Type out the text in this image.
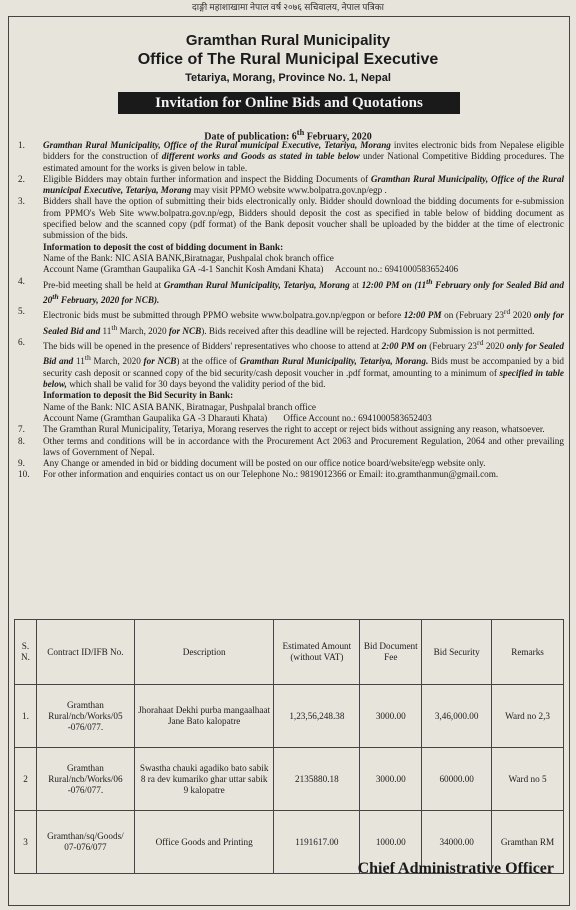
दाङ्गी महाशाखामा नेपाल वर्ष २०७६ सचिवालय, नेपाल पत्रिका
Gramthan Rural Municipality
Office of The Rural Municipal Executive
Tetariya, Morang, Province No. 1, Nepal
Invitation for Online Bids and Quotations
Date of publication: 6th February, 2020
1. Gramthan Rural Municipality, Office of the Rural municipal Executive, Tetariya, Morang invites electronic bids from Nepalese eligible bidders for the construction of different works and Goods as stated in table below under National Competitive Bidding procedures. The estimated amount for the works is given below in table.
2. Eligible Bidders may obtain further information and inspect the Bidding Documents of Gramthan Rural Municipality, Office of the Rural municipal Executive, Tetariya, Morang may visit PPMO website www.bolpatra.gov.np/egp .
3. Bidders shall have the option of submitting their bids electronically only. Bidder should download the bidding documents for e-submission from PPMO's Web Site www.bolpatra.gov.np/egp, Bidders should deposit the cost as specified in table below of bidding document as specified below and the scanned copy (pdf format) of the Bank deposit voucher shall be uploaded by the bidder at the time of electronic submission of the bids.
Information to deposit the cost of bidding document in Bank:
Name of the Bank: NIC ASIA BANK,Biratnagar, Pushpalal chok branch office
Account Name (Gramthan Gaupalika GA -4-1 Sanchit Kosh Amdani Khata) Account no.: 6941000583652406
4. Pre-bid meeting shall be held at Gramthan Rural Municipality, Tetariya, Morang at 12:00 PM on (11th February only for Sealed Bid and 20th February, 2020 for NCB).
5. Electronic bids must be submitted through PPMO website www.bolpatra.gov.np/egpon or before 12:00 PM on (February 23rd 2020 only for Sealed Bid and 11th March, 2020 for NCB). Bids received after this deadline will be rejected. Hardcopy Submission is not permitted.
6. The bids will be opened in the presence of Bidders' representatives who choose to attend at 2:00 PM on (February 23rd 2020 only for Sealed Bid and 11th March, 2020 for NCB) at the office of Gramthan Rural Municipality, Tetariya, Morang. Bids must be accompanied by a bid security cash deposit or scanned copy of the bid security/cash deposit voucher in .pdf format, amounting to a minimum of specified in table below, which shall be valid for 30 days beyond the validity period of the bid.
Information to deposit the Bid Security in Bank:
Name of the Bank: NIC ASIA BANK, Biratnagar, Pushpalal branch office
Account Name (Gramthan Gaupalika GA -3 Dharauti Khata) Office Account no.: 6941000583652403
7. The Gramthan Rural Municipality, Tetariya, Morang reserves the right to accept or reject bids without assigning any reason, whatsoever.
8. Other terms and conditions will be in accordance with the Procurement Act 2063 and Procurement Regulation, 2064 and other prevailing laws of Government of Nepal.
9. Any Change or amended in bid or bidding document will be posted on our office notice board/website/egp website only.
10. For other information and enquiries contact us on our Telephone No.: 9819012366 or Email: ito.gramthanmun@gmail.com.
S. N.	Contract ID/IFB No.	Description	Estimated Amount (without VAT)	Bid Document Fee	Bid Security	Remarks
1.	Gramthan Rural/ncb/Works/05 -076/077.	Jhorahaat Dekhi purba mangaalhaat Jane Bato kalopatre	1,23,56,248.38	3000.00	3,46,000.00	Ward no 2,3
2	Gramthan Rural/ncb/Works/06 -076/077.	Swastha chauki agadiko bato sabik 8 ra dev kumariko ghar uttar sabik 9 kalopatre	2135880.18	3000.00	60000.00	Ward no 5
3	Gramthan/sq/Goods/ 07-076/077	Office Goods and Printing	1191617.00	1000.00	34000.00	Gramthan RM
Chief Administrative Officer
